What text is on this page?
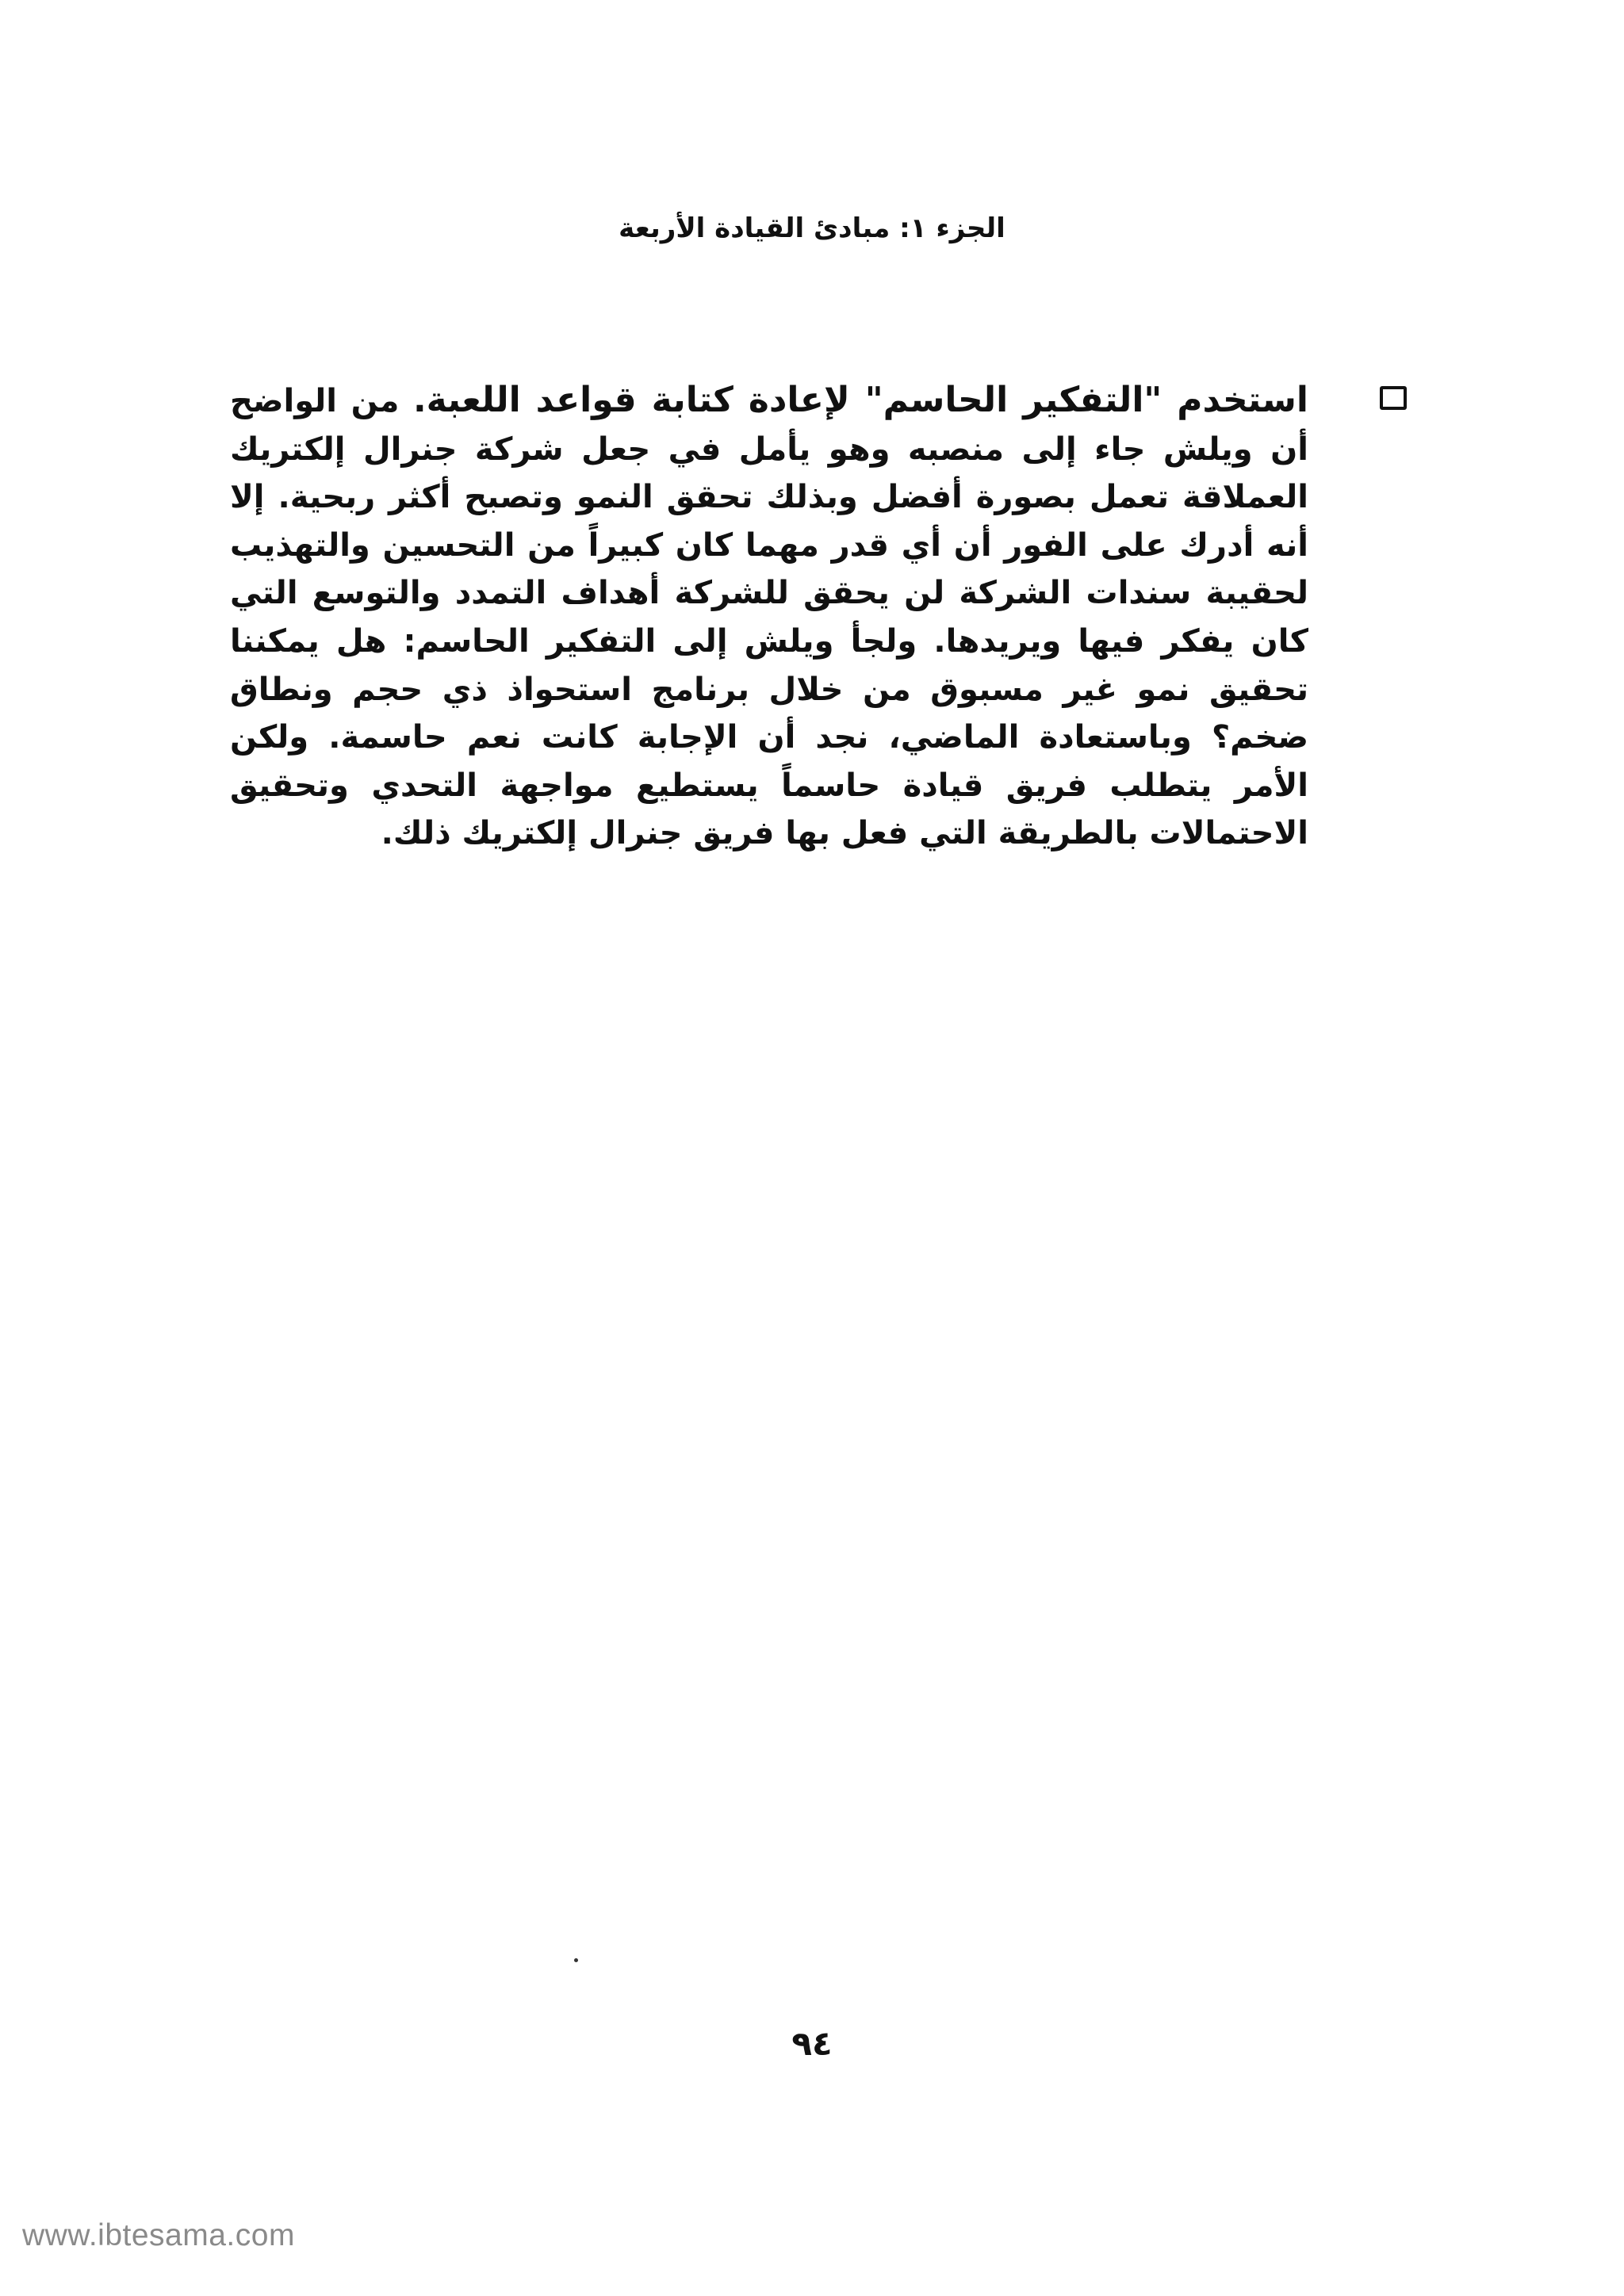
الجزء ١: مبادئ القيادة الأربعة

استخدم "التفكير الحاسم" لإعادة كتابة قواعد اللعبة. من الواضح أن ويلش جاء إلى منصبه وهو يأمل في جعل شركة جنرال إلكتريك العملاقة تعمل بصورة أفضل وبذلك تحقق النمو وتصبح أكثر ربحية. إلا أنه أدرك على الفور أن أي قدر مهما كان كبيراً من التحسين والتهذيب لحقيبة سندات الشركة لن يحقق للشركة أهداف التمدد والتوسع التي كان يفكر فيها ويريدها. ولجأ ويلش إلى التفكير الحاسم: هل يمكننا تحقيق نمو غير مسبوق من خلال برنامج استحواذ ذي حجم ونطاق ضخم؟ وباستعادة الماضي، نجد أن الإجابة كانت نعم حاسمة. ولكن الأمر يتطلب فريق قيادة حاسماً يستطيع مواجهة التحدي وتحقيق الاحتمالات بالطريقة التي فعل بها فريق جنرال إلكتريك ذلك.

٩٤
www.ibtesama.com
